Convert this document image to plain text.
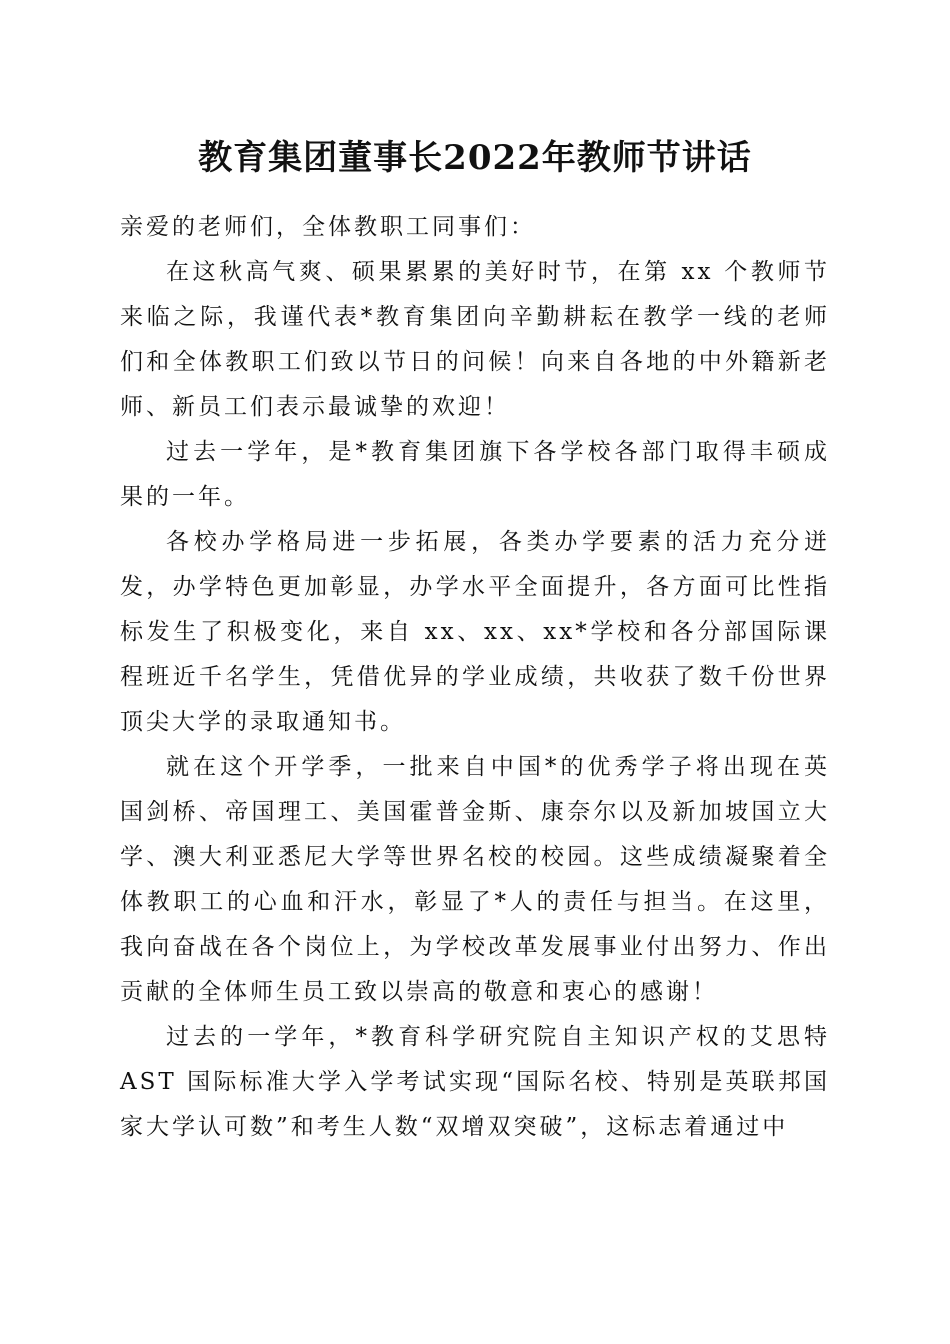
教育集团董事长2022年教师节讲话

亲爱的老师们，全体教职工同事们：

在这秋高气爽、硕果累累的美好时节，在第 xx 个教师节来临之际，我谨代表*教育集团向辛勤耕耘在教学一线的老师们和全体教职工们致以节日的问候！向来自各地的中外籍新老师、新员工们表示最诚挚的欢迎！

过去一学年，是*教育集团旗下各学校各部门取得丰硕成果的一年。

各校办学格局进一步拓展，各类办学要素的活力充分迸发，办学特色更加彰显，办学水平全面提升，各方面可比性指标发生了积极变化，来自 xx、xx、xx*学校和各分部国际课程班近千名学生，凭借优异的学业成绩，共收获了数千份世界顶尖大学的录取通知书。

就在这个开学季，一批来自中国*的优秀学子将出现在英国剑桥、帝国理工、美国霍普金斯、康奈尔以及新加坡国立大学、澳大利亚悉尼大学等世界名校的校园。这些成绩凝聚着全体教职工的心血和汗水，彰显了*人的责任与担当。在这里，我向奋战在各个岗位上，为学校改革发展事业付出努力、作出贡献的全体师生员工致以崇高的敬意和衷心的感谢！

过去的一学年，*教育科学研究院自主知识产权的艾思特 AST 国际标准大学入学考试实现“国际名校、特别是英联邦国家大学认可数”和考生人数“双增双突破”，这标志着通过中
